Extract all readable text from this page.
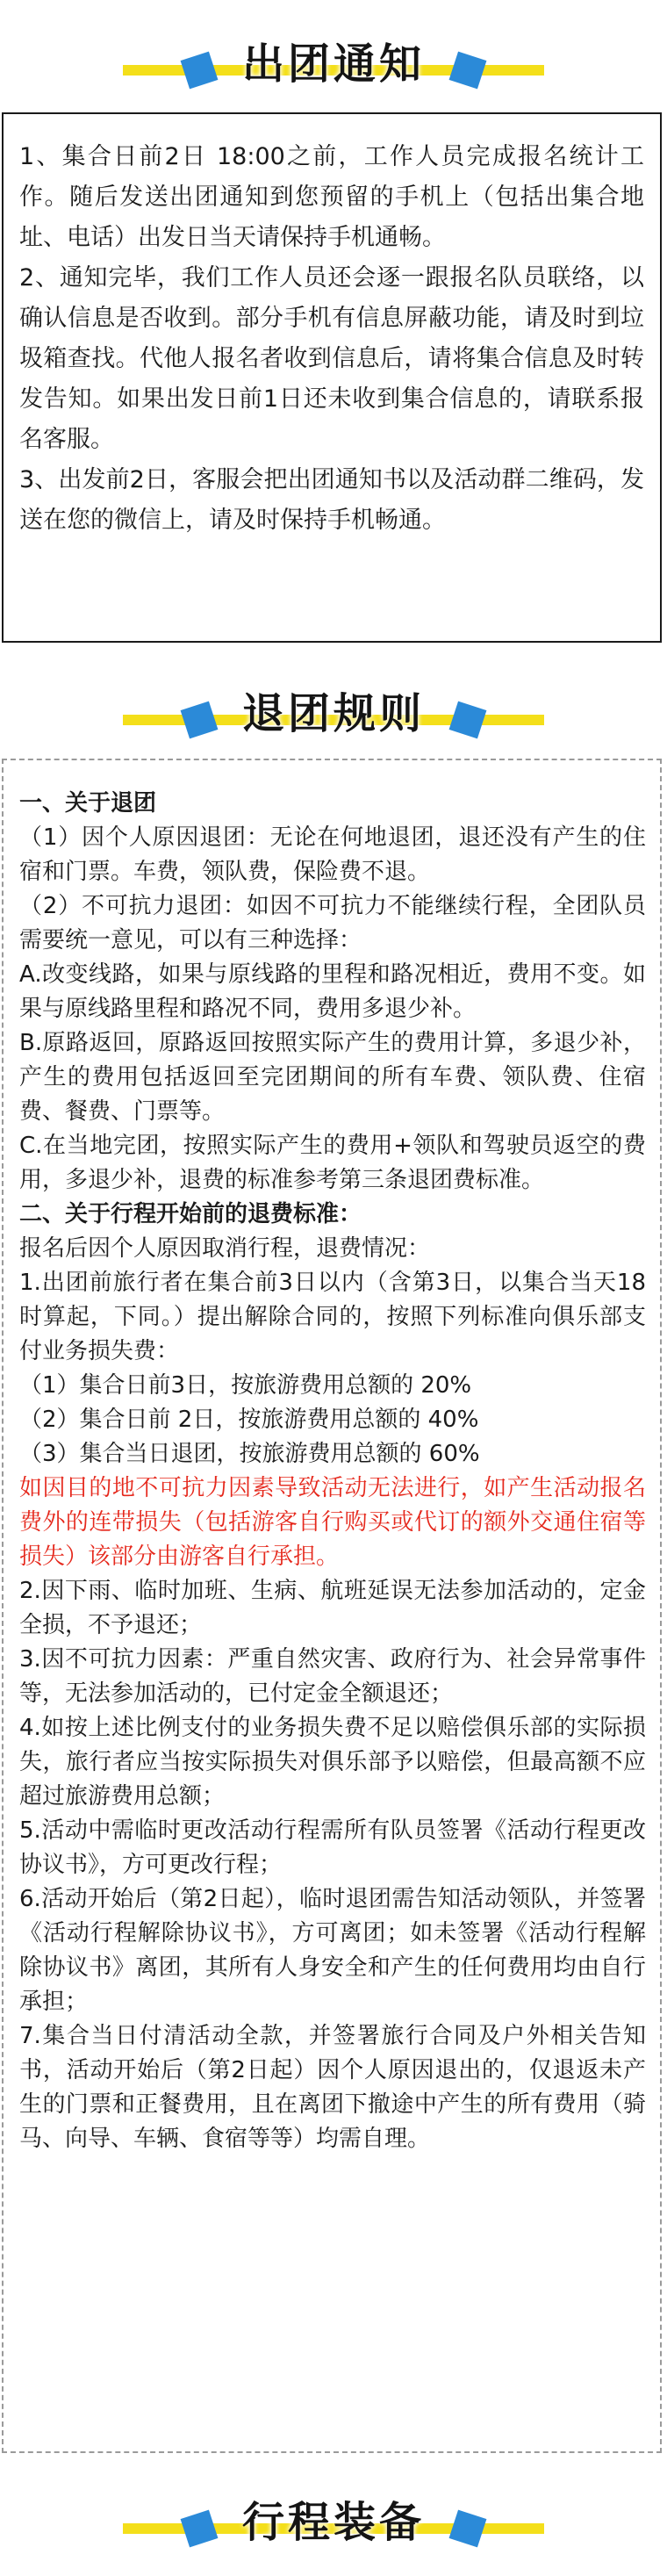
出团通知

1、集合日前2日 18:00之前，工作人员完成报名统计工作。随后发送出团通知到您预留的手机上（包括出集合地址、电话）出发日当天请保持手机通畅。

2、通知完毕，我们工作人员还会逐一跟报名队员联络，以确认信息是否收到。部分手机有信息屏蔽功能，请及时到垃圾箱查找。代他人报名者收到信息后，请将集合信息及时转发告知。如果出发日前1日还未收到集合信息的，请联系报名客服。

3、出发前2日，客服会把出团通知书以及活动群二维码，发送在您的微信上，请及时保持手机畅通。

退团规则

一、关于退团

（1）因个人原因退团：无论在何地退团，退还没有产生的住宿和门票。车费，领队费，保险费不退。

（2）不可抗力退团：如因不可抗力不能继续行程，全团队员需要统一意见，可以有三种选择：

A.改变线路，如果与原线路的里程和路况相近，费用不变。如果与原线路里程和路况不同，费用多退少补。

B.原路返回，原路返回按照实际产生的费用计算，多退少补，产生的费用包括返回至完团期间的所有车费、领队费、住宿费、餐费、门票等。

C.在当地完团，按照实际产生的费用+领队和驾驶员返空的费用，多退少补，退费的标准参考第三条退团费标准。

二、关于行程开始前的退费标准：

报名后因个人原因取消行程，退费情况：

1.出团前旅行者在集合前3日以内（含第3日，以集合当天18时算起，下同。）提出解除合同的，按照下列标准向俱乐部支付业务损失费：

（1）集合日前3日，按旅游费用总额的 20%

（2）集合日前 2日，按旅游费用总额的 40%

（3）集合当日退团，按旅游费用总额的 60%

如因目的地不可抗力因素导致活动无法进行，如产生活动报名费外的连带损失（包括游客自行购买或代订的额外交通住宿等损失）该部分由游客自行承担。

2.因下雨、临时加班、生病、航班延误无法参加活动的，定金全损，不予退还；

3.因不可抗力因素：严重自然灾害、政府行为、社会异常事件等，无法参加活动的，已付定金全额退还；

4.如按上述比例支付的业务损失费不足以赔偿俱乐部的实际损失，旅行者应当按实际损失对俱乐部予以赔偿，但最高额不应超过旅游费用总额；

5.活动中需临时更改活动行程需所有队员签署《活动行程更改协议书》，方可更改行程；

6.活动开始后（第2日起），临时退团需告知活动领队，并签署《活动行程解除协议书》，方可离团；如未签署《活动行程解除协议书》离团，其所有人身安全和产生的任何费用均由自行承担；

7.集合当日付清活动全款，并签署旅行合同及户外相关告知书，活动开始后（第2日起）因个人原因退出的，仅退返未产生的门票和正餐费用，且在离团下撤途中产生的所有费用（骑马、向导、车辆、食宿等等）均需自理。

行程装备
